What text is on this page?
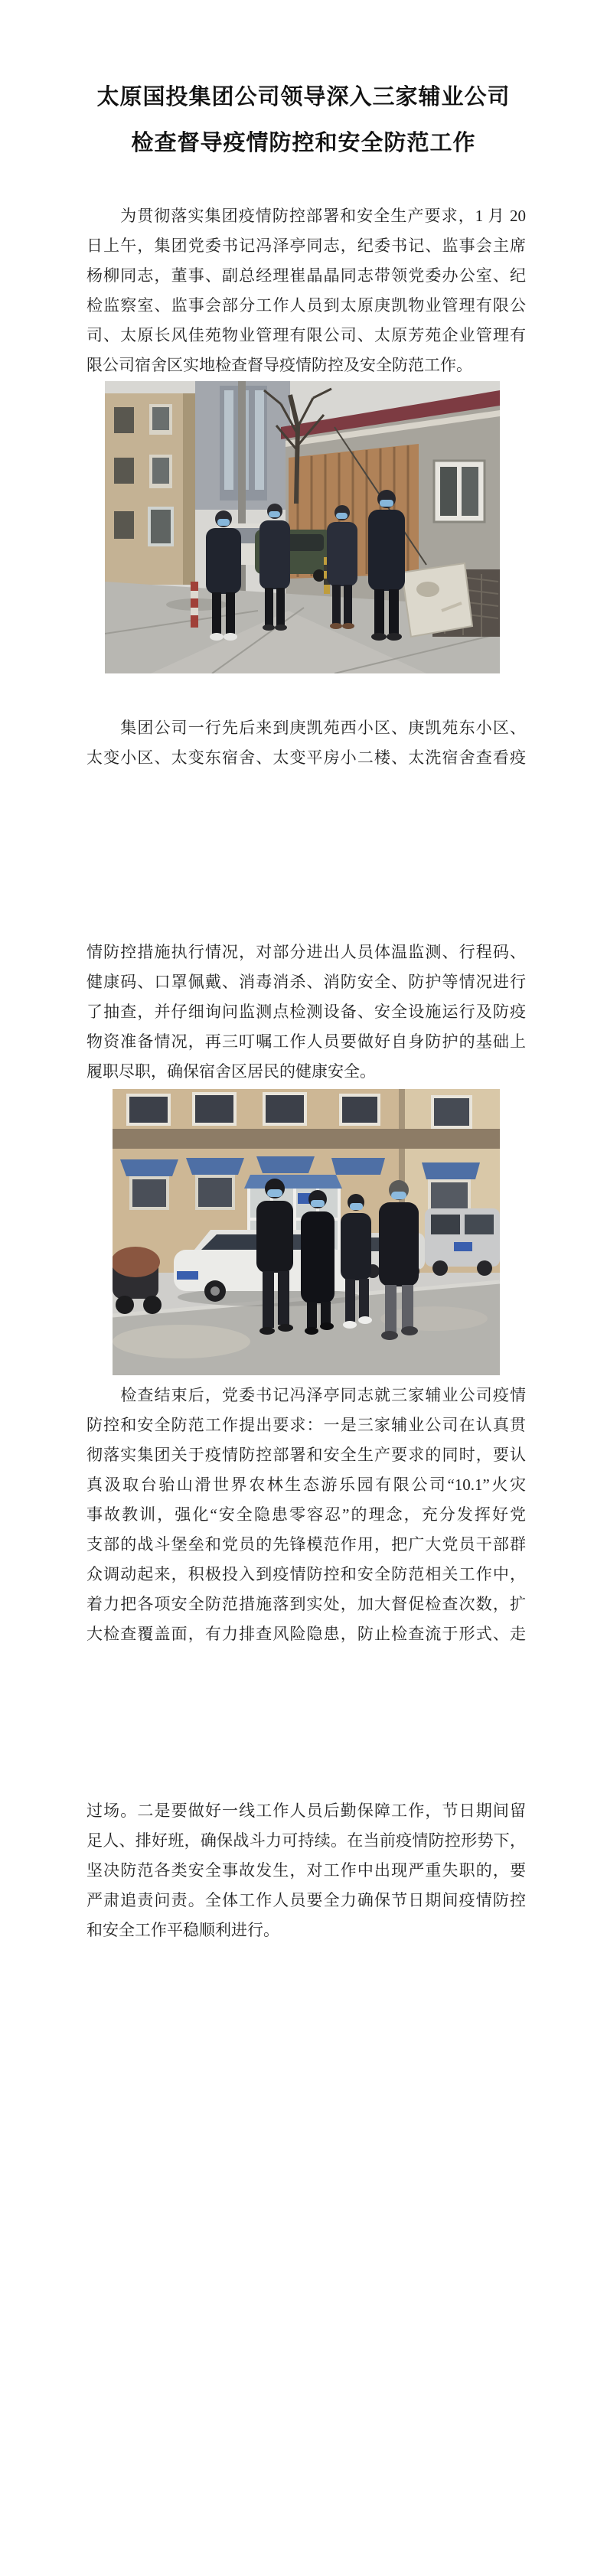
太原国投集团公司领导深入三家辅业公司
检查督导疫情防控和安全防范工作
　　为贯彻落实集团疫情防控部署和安全生产要求，1 月 20
日上午，集团党委书记冯泽亭同志，纪委书记、监事会主席
杨柳同志，董事、副总经理崔晶晶同志带领党委办公室、纪
检监察室、监事会部分工作人员到太原庚凯物业管理有限公
司、太原长风佳苑物业管理有限公司、太原芳苑企业管理有
限公司宿舍区实地检查督导疫情防控及安全防范工作。
　　集团公司一行先后来到庚凯苑西小区、庚凯苑东小区、
太变小区、太变东宿舍、太变平房小二楼、太洗宿舍查看疫
情防控措施执行情况，对部分进出人员体温监测、行程码、
健康码、口罩佩戴、消毒消杀、消防安全、防护等情况进行
了抽查，并仔细询问监测点检测设备、安全设施运行及防疫
物资准备情况，再三叮嘱工作人员要做好自身防护的基础上
履职尽职，确保宿舍区居民的健康安全。
　　检查结束后，党委书记冯泽亭同志就三家辅业公司疫情
防控和安全防范工作提出要求：一是三家辅业公司在认真贯
彻落实集团关于疫情防控部署和安全生产要求的同时，要认
真汲取台骀山滑世界农林生态游乐园有限公司“10.1”火灾
事故教训，强化“安全隐患零容忍”的理念，充分发挥好党
支部的战斗堡垒和党员的先锋模范作用，把广大党员干部群
众调动起来，积极投入到疫情防控和安全防范相关工作中，
着力把各项安全防范措施落到实处，加大督促检查次数，扩
大检查覆盖面，有力排查风险隐患，防止检查流于形式、走
过场。二是要做好一线工作人员后勤保障工作，节日期间留
足人、排好班，确保战斗力可持续。在当前疫情防控形势下，
坚决防范各类安全事故发生，对工作中出现严重失职的，要
严肃追责问责。全体工作人员要全力确保节日期间疫情防控
和安全工作平稳顺利进行。
